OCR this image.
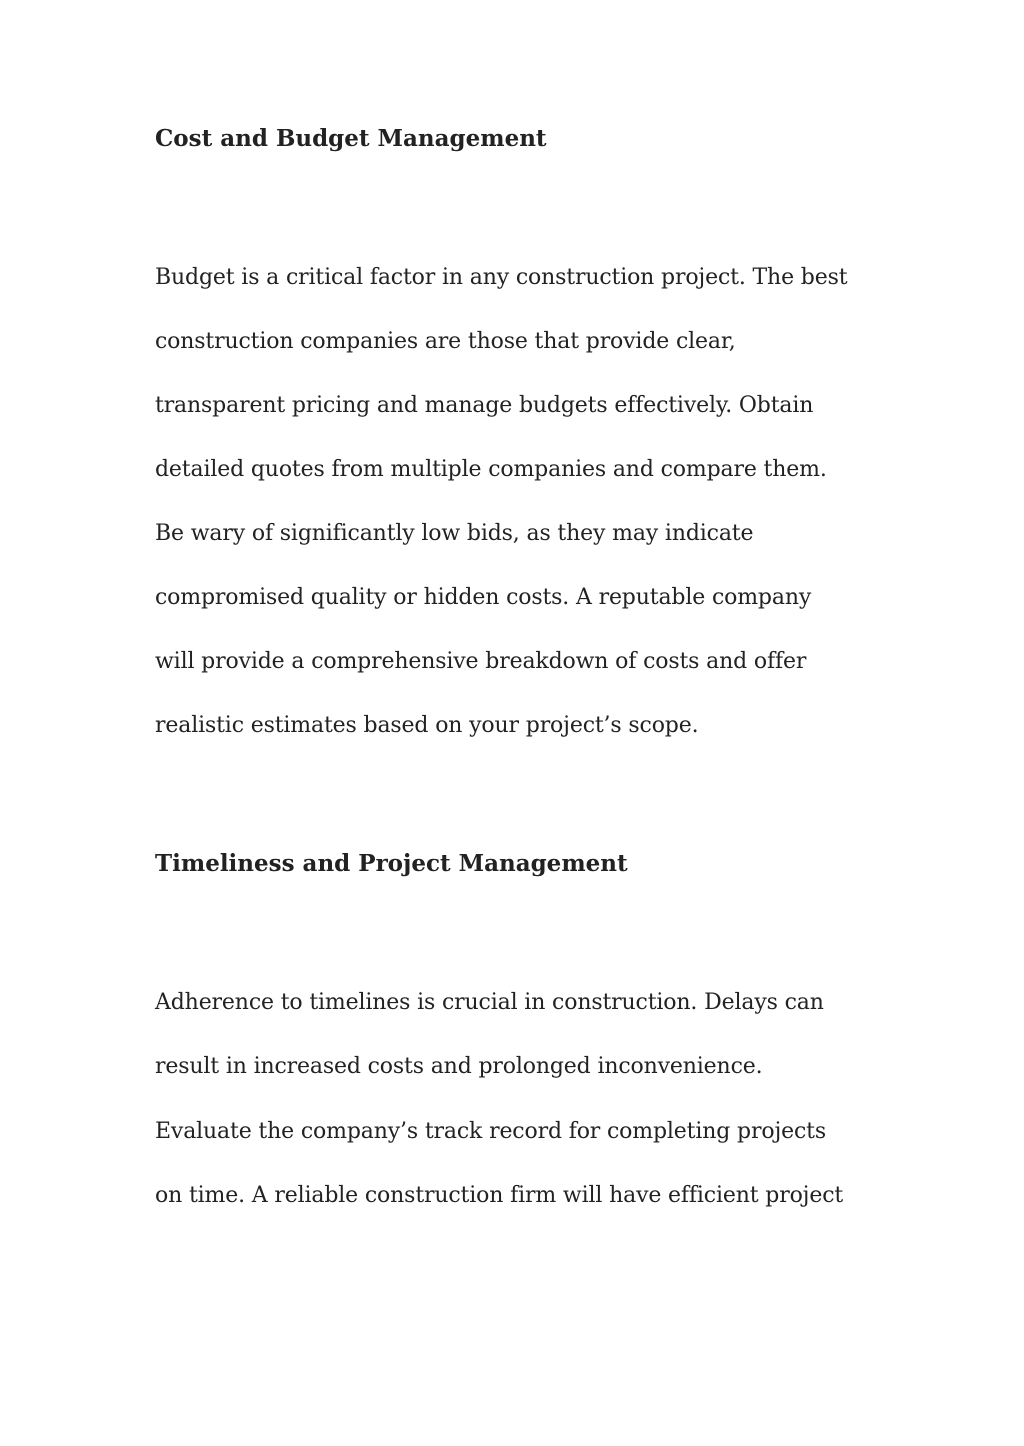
Cost and Budget Management

Budget is a critical factor in any construction project. The best

construction companies are those that provide clear,

transparent pricing and manage budgets effectively. Obtain

detailed quotes from multiple companies and compare them.

Be wary of significantly low bids, as they may indicate

compromised quality or hidden costs. A reputable company

will provide a comprehensive breakdown of costs and offer

realistic estimates based on your project’s scope.

Timeliness and Project Management

Adherence to timelines is crucial in construction. Delays can

result in increased costs and prolonged inconvenience.

Evaluate the company’s track record for completing projects

on time. A reliable construction firm will have efficient project
